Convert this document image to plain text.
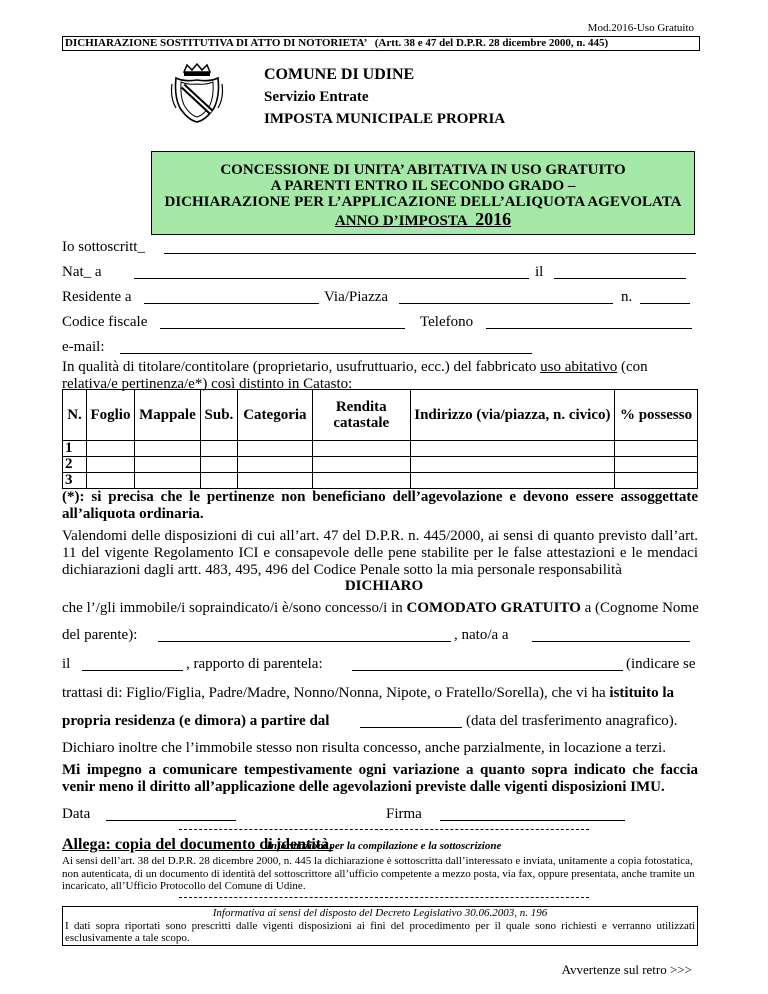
Mod.2016-Uso Gratuito
DICHIARAZIONE SOSTITUTIVA DI ATTO DI NOTORIETA’ (Artt. 38 e 47 del D.P.R. 28 dicembre 2000, n. 445)
COMUNE DI UDINE
Servizio Entrate
IMPOSTA MUNICIPALE PROPRIA
CONCESSIONE DI UNITA’ ABITATIVA IN USO GRATUITO
A PARENTI ENTRO IL SECONDO GRADO –
DICHIARAZIONE PER L’APPLICAZIONE DELL’ALIQUOTA AGEVOLATA
ANNO D’IMPOSTA 2016
Io sottoscritt_
Nat_ a	il
Residente a	Via/Piazza	n.
Codice fiscale	Telefono
e-mail:
In qualità di titolare/contitolare (proprietario, usufruttuario, ecc.) del fabbricato uso abitativo (con relativa/e pertinenza/e*) così distinto in Catasto:
N.	Foglio	Mappale	Sub.	Categoria	Rendita catastale	Indirizzo (via/piazza, n. civico)	% possesso
1							
2							
3							
(*): si precisa che le pertinenze non beneficiano dell’agevolazione e devono essere assoggettate all’aliquota ordinaria.
Valendomi delle disposizioni di cui all’art. 47 del D.P.R. n. 445/2000, ai sensi di quanto previsto dall’art. 11 del vigente Regolamento ICI e consapevole delle pene stabilite per le false attestazioni e le mendaci dichiarazioni dagli artt. 483, 495, 496 del Codice Penale sotto la mia personale responsabilità
DICHIARO
che l’/gli immobile/i sopraindicato/i è/sono concesso/i in COMODATO GRATUITO a (Cognome Nome
del parente):	, nato/a a
il	, rapporto di parentela:	(indicare se
trattasi di: Figlio/Figlia, Padre/Madre, Nonno/Nonna, Nipote, o Fratello/Sorella), che vi ha istituito la
propria residenza (e dimora) a partire dal	(data del trasferimento anagrafico).
Dichiaro inoltre che l’immobile stesso non risulta concesso, anche parzialmente, in locazione a terzi.
Mi impegno a comunicare tempestivamente ogni variazione a quanto sopra indicato che faccia venir meno il diritto all’applicazione delle agevolazioni previste dalle vigenti disposizioni IMU.
Data	Firma
Allega: copia del documento di identità.
Informazioni per la compilazione e la sottoscrizione
Ai sensi dell’art. 38 del D.P.R. 28 dicembre 2000, n. 445 la dichiarazione è sottoscritta dall’interessato e inviata, unitamente a copia fotostatica, non autenticata, di un documento di identità del sottoscrittore all’ufficio competente a mezzo posta, via fax, oppure presentata, anche tramite un incaricato, all’Ufficio Protocollo del Comune di Udine.
Informativa ai sensi del disposto del Decreto Legislativo 30.06.2003, n. 196
I dati sopra riportati sono prescritti dalle vigenti disposizioni ai fini del procedimento per il quale sono richiesti e verranno utilizzati esclusivamente a tale scopo.
Avvertenze sul retro >>>
